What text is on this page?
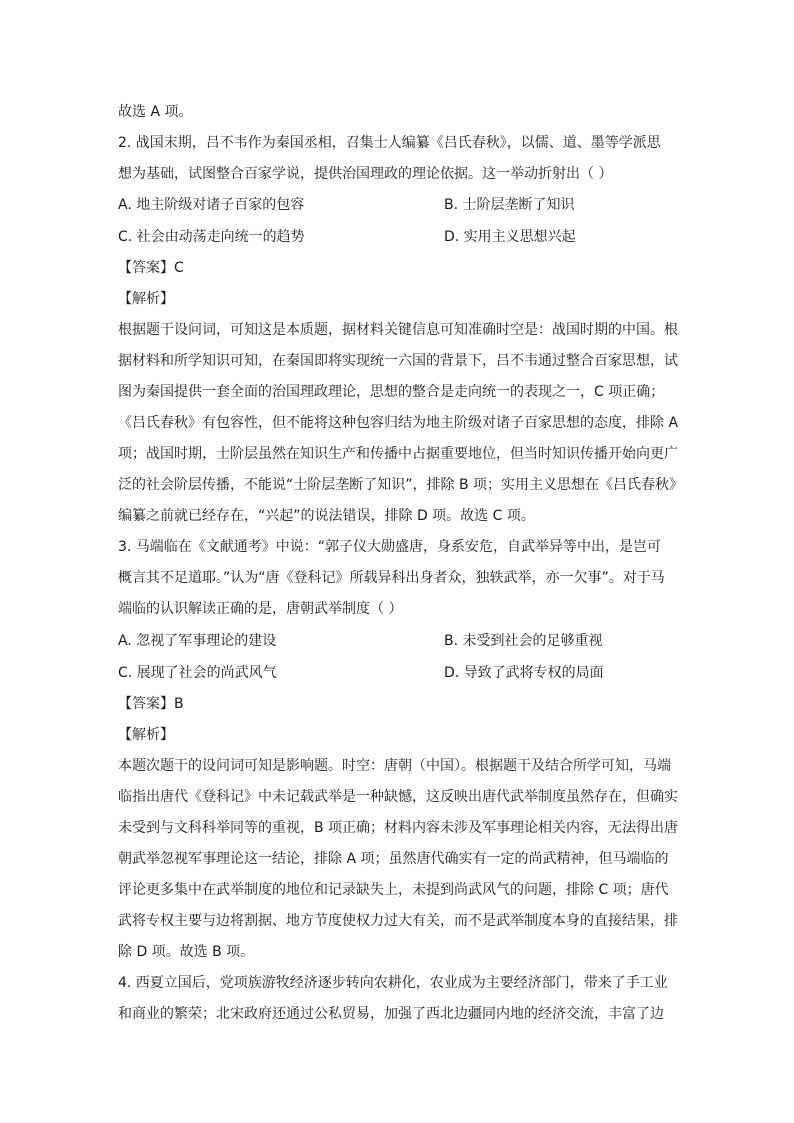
故选 A 项。
2. 战国末期，吕不韦作为秦国丞相，召集士人编纂《吕氏春秋》，以儒、道、墨等学派思
想为基础，试图整合百家学说，提供治国理政的理论依据。这一举动折射出（ ）
A. 地主阶级对诸子百家的包容	B. 士阶层垄断了知识
C. 社会由动荡走向统一的趋势	D. 实用主义思想兴起
【答案】C
【解析】
根据题干设问词，可知这是本质题，据材料关键信息可知准确时空是：战国时期的中国。根
据材料和所学知识可知，在秦国即将实现统一六国的背景下，吕不韦通过整合百家思想，试
图为秦国提供一套全面的治国理政理论，思想的整合是走向统一的表现之一，C 项正确；
《吕氏春秋》有包容性，但不能将这种包容归结为地主阶级对诸子百家思想的态度，排除 A
项；战国时期，士阶层虽然在知识生产和传播中占据重要地位，但当时知识传播开始向更广
泛的社会阶层传播，不能说“士阶层垄断了知识”，排除 B 项；实用主义思想在《吕氏春秋》
编纂之前就已经存在，“兴起”的说法错误，排除 D 项。故选 C 项。
3. 马端临在《文献通考》中说：“郭子仪大勋盛唐，身系安危，自武举异等中出，是岂可
概言其不足道耶。”认为“唐《登科记》所载异科出身者众，独轶武举，亦一欠事”。对于马
端临的认识解读正确的是，唐朝武举制度（ ）
A. 忽视了军事理论的建设	B. 未受到社会的足够重视
C. 展现了社会的尚武风气	D. 导致了武将专权的局面
【答案】B
【解析】
本题次题干的设问词可知是影响题。时空：唐朝（中国）。根据题干及结合所学可知，马端
临指出唐代《登科记》中未记载武举是一种缺憾，这反映出唐代武举制度虽然存在，但确实
未受到与文科科举同等的重视，B 项正确；材料内容未涉及军事理论相关内容，无法得出唐
朝武举忽视军事理论这一结论，排除 A 项；虽然唐代确实有一定的尚武精神，但马端临的
评论更多集中在武举制度的地位和记录缺失上，未提到尚武风气的问题，排除 C 项；唐代
武将专权主要与边将割据、地方节度使权力过大有关，而不是武举制度本身的直接结果，排
除 D 项。故选 B 项。
4. 西夏立国后，党项族游牧经济逐步转向农耕化，农业成为主要经济部门，带来了手工业
和商业的繁荣；北宋政府还通过公私贸易，加强了西北边疆同内地的经济交流，丰富了边
